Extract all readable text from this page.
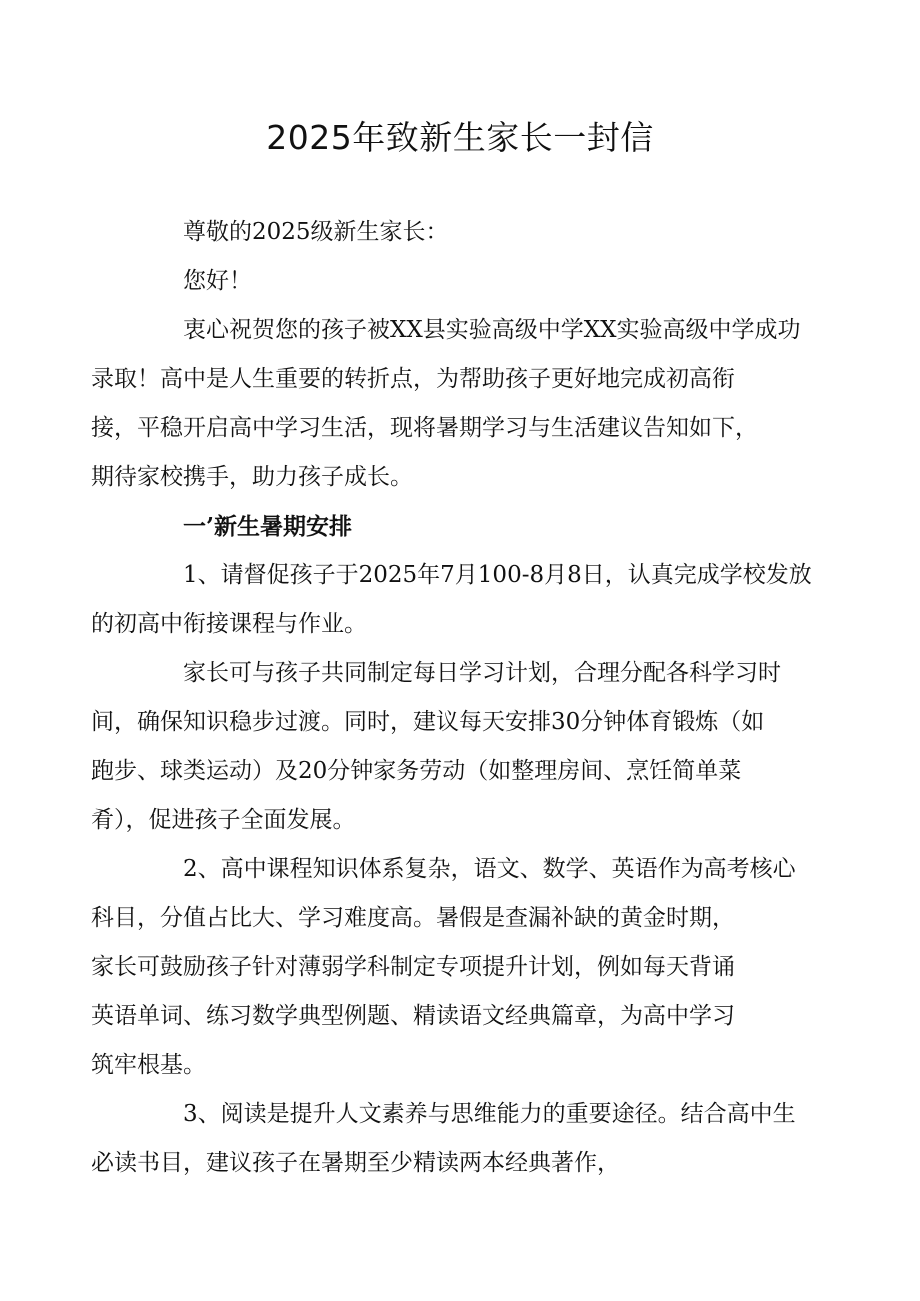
2025年致新生家长一封信

尊敬的2025级新生家长：

您好！

衷心祝贺您的孩子被XX县实验高级中学XX实验高级中学成功
录取！高中是人生重要的转折点，为帮助孩子更好地完成初高衔
接，平稳开启高中学习生活，现将暑期学习与生活建议告知如下，
期待家校携手，助力孩子成长。

一’新生暑期安排

1、请督促孩子于2025年7月100-8月8日，认真完成学校发放
的初高中衔接课程与作业。

家长可与孩子共同制定每日学习计划，合理分配各科学习时
间，确保知识稳步过渡。同时，建议每天安排30分钟体育锻炼（如
跑步、球类运动）及20分钟家务劳动（如整理房间、烹饪简单菜
肴），促进孩子全面发展。

2、高中课程知识体系复杂，语文、数学、英语作为高考核心
科目，分值占比大、学习难度高。暑假是查漏补缺的黄金时期，
家长可鼓励孩子针对薄弱学科制定专项提升计划，例如每天背诵
英语单词、练习数学典型例题、精读语文经典篇章，为高中学习
筑牢根基。

3、阅读是提升人文素养与思维能力的重要途径。结合高中生
必读书目，建议孩子在暑期至少精读两本经典著作，
